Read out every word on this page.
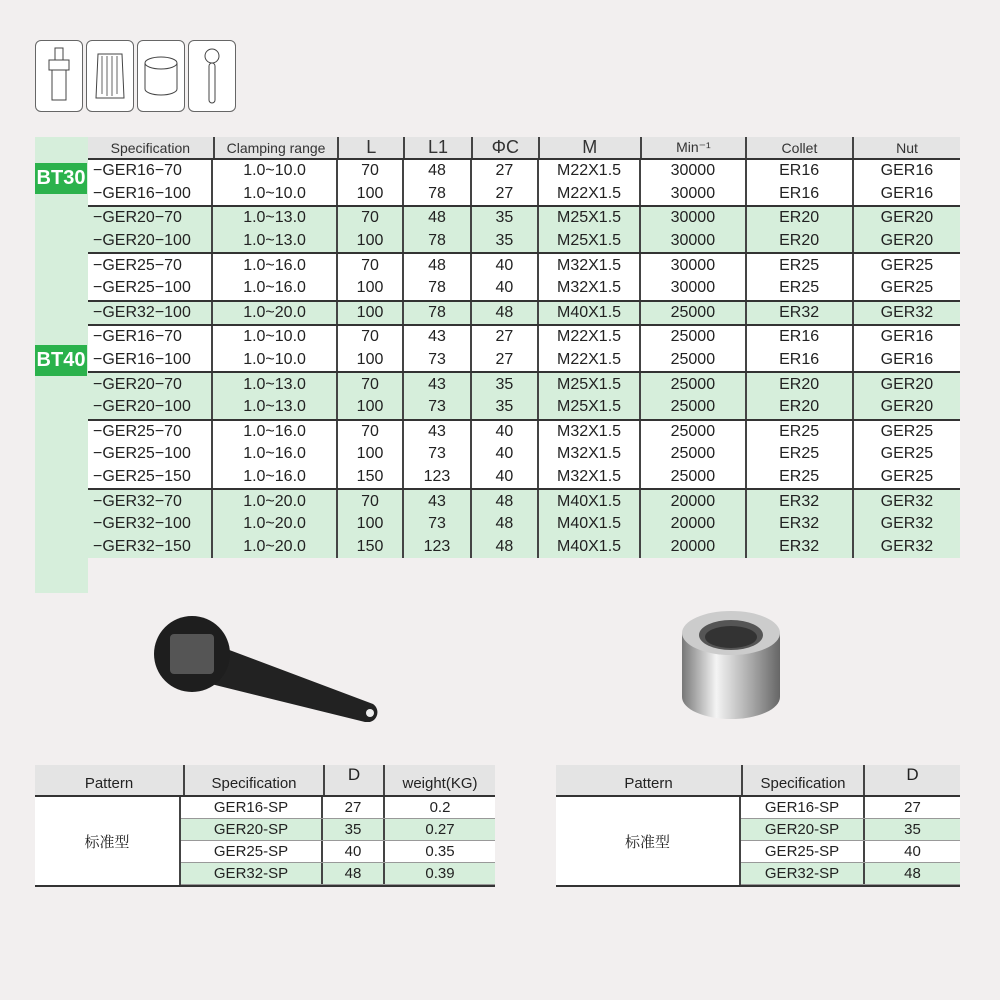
BT30
BT40
Specification	Clamping range	L	L1	ΦC	M	Min⁻¹	Collet	Nut
−GER16−70	1.0~10.0	70	48	27	M22X1.5	30000	ER16	GER16
−GER16−100	1.0~10.0	100	78	27	M22X1.5	30000	ER16	GER16
−GER20−70	1.0~13.0	70	48	35	M25X1.5	30000	ER20	GER20
−GER20−100	1.0~13.0	100	78	35	M25X1.5	30000	ER20	GER20
−GER25−70	1.0~16.0	70	48	40	M32X1.5	30000	ER25	GER25
−GER25−100	1.0~16.0	100	78	40	M32X1.5	30000	ER25	GER25
−GER32−100	1.0~20.0	100	78	48	M40X1.5	25000	ER32	GER32
−GER16−70	1.0~10.0	70	43	27	M22X1.5	25000	ER16	GER16
−GER16−100	1.0~10.0	100	73	27	M22X1.5	25000	ER16	GER16
−GER20−70	1.0~13.0	70	43	35	M25X1.5	25000	ER20	GER20
−GER20−100	1.0~13.0	100	73	35	M25X1.5	25000	ER20	GER20
−GER25−70	1.0~16.0	70	43	40	M32X1.5	25000	ER25	GER25
−GER25−100	1.0~16.0	100	73	40	M32X1.5	25000	ER25	GER25
−GER25−150	1.0~16.0	150	123	40	M32X1.5	25000	ER25	GER25
−GER32−70	1.0~20.0	70	43	48	M40X1.5	20000	ER32	GER32
−GER32−100	1.0~20.0	100	73	48	M40X1.5	20000	ER32	GER32
−GER32−150	1.0~20.0	150	123	48	M40X1.5	20000	ER32	GER32
Pattern	Specification	D	weight(KG)
标准型
GER16-SP	27	0.2
GER20-SP	35	0.27
GER25-SP	40	0.35
GER32-SP	48	0.39
Pattern	Specification	D
标准型
GER16-SP	27
GER20-SP	35
GER25-SP	40
GER32-SP	48
